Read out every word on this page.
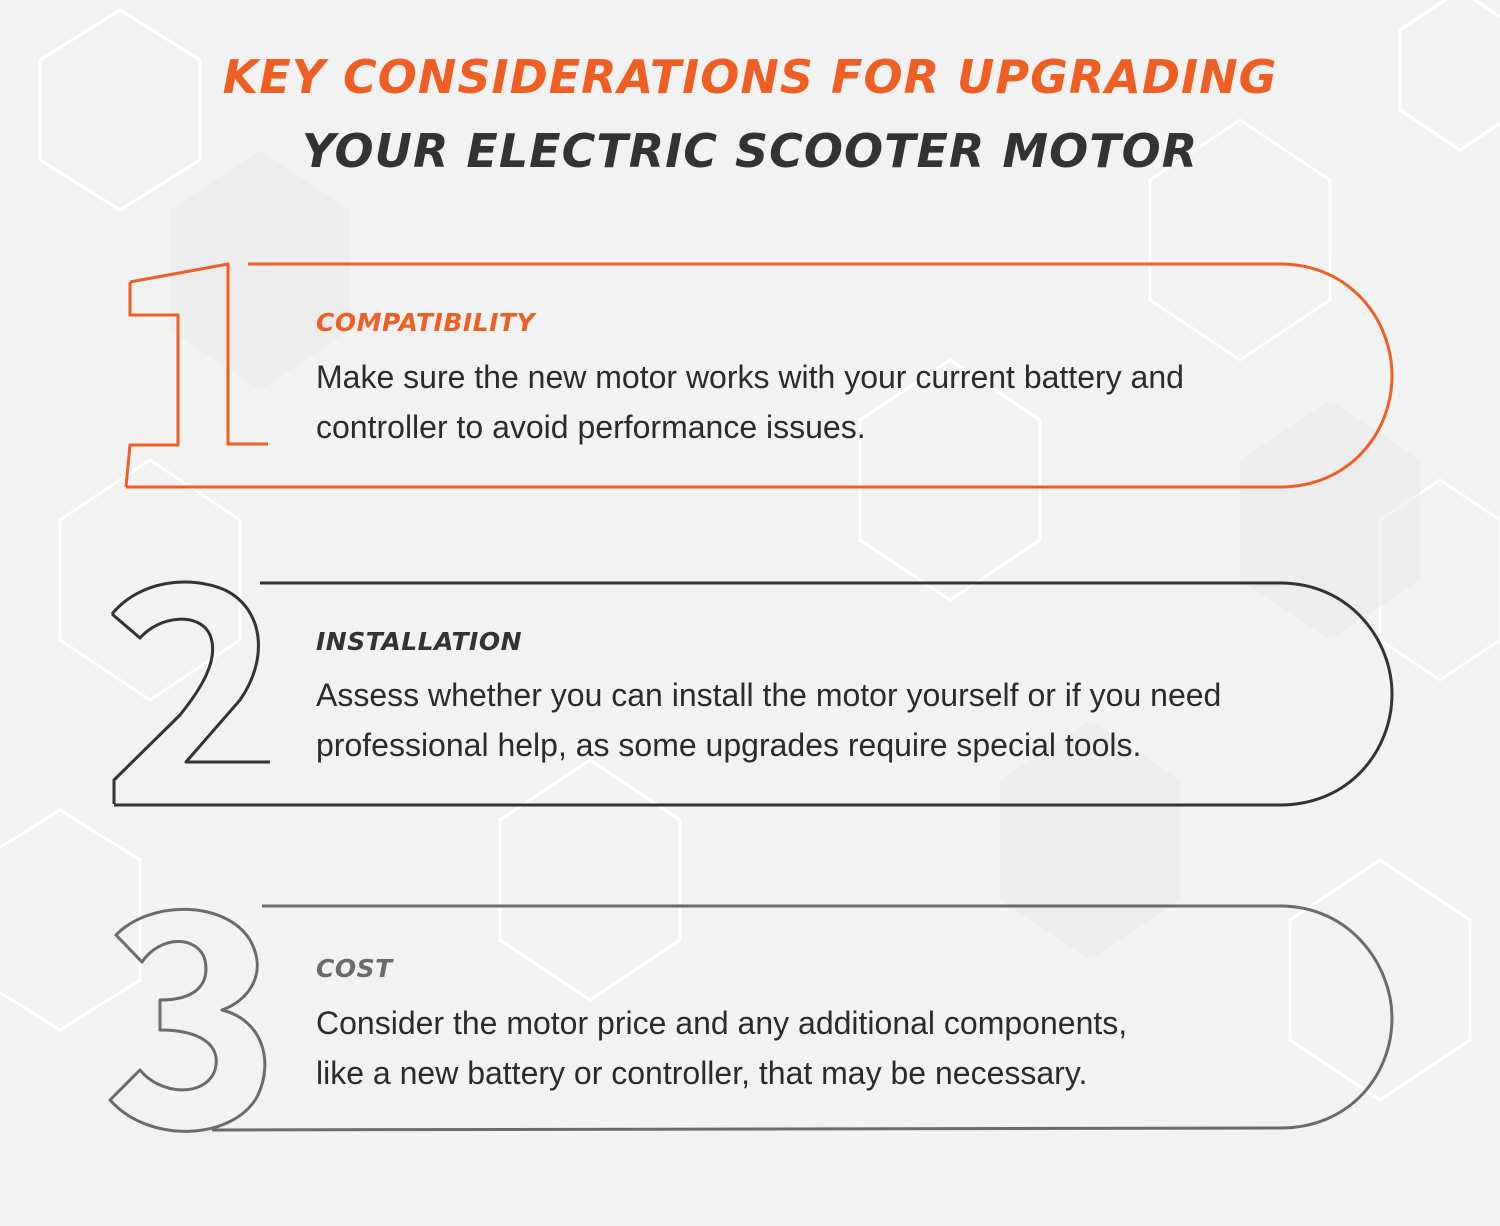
KEY CONSIDERATIONS FOR UPGRADING
YOUR ELECTRIC SCOOTER MOTOR
COMPATIBILITY
Make sure the new motor works with your current battery and
controller to avoid performance issues.
INSTALLATION
Assess whether you can install the motor yourself or if you need
professional help, as some upgrades require special tools.
COST
Consider the motor price and any additional components,
like a new battery or controller, that may be necessary.
